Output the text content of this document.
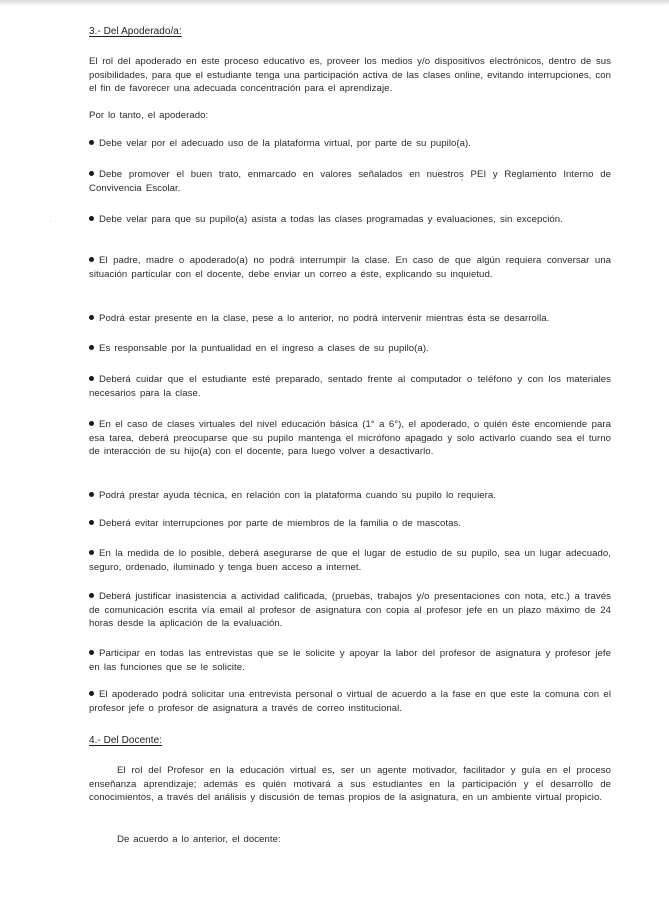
3.- Del Apoderado/a:
El rol del apoderado en este proceso educativo es, proveer los medios y/o dispositivos electrónicos, dentro de sus posibilidades, para que el estudiante tenga una participación activa de las clases online, evitando interrupciones, con el fin de favorecer una adecuada concentración para el aprendizaje.
Por lo tanto, el apoderado:
Debe velar por el adecuado uso de la plataforma virtual, por parte de su pupilo(a).
Debe promover el buen trato, enmarcado en valores señalados en nuestros PEI y Reglamento Interno de Convivencia Escolar.
Debe velar para que su pupilo(a) asista a todas las clases programadas y evaluaciones, sin excepción.
El padre, madre o apoderado(a) no podrá interrumpir la clase. En caso de que algún requiera conversar una situación particular con el docente, debe enviar un correo a éste, explicando su inquietud.
Podrá estar presente en la clase, pese a lo anterior, no podrá intervenir mientras ésta se desarrolla.
Es responsable por la puntualidad en el ingreso a clases de su pupilo(a).
Deberá cuidar que el estudiante esté preparado, sentado frente al computador o teléfono y con los materiales necesarios para la clase.
En el caso de clases virtuales del nivel educación básica (1° a 6°), el apoderado, o quién éste encomiende para esa tarea, deberá preocuparse que su pupilo mantenga el micrófono apagado y solo activarlo cuando sea el turno de interacción de su hijo(a) con el docente, para luego volver a desactivarlo.
Podrá prestar ayuda técnica, en relación con la plataforma cuando su pupilo lo requiera.
Deberá evitar interrupciones por parte de miembros de la familia o de mascotas.
En la medida de lo posible, deberá asegurarse de que el lugar de estudio de su pupilo, sea un lugar adecuado, seguro, ordenado, iluminado y tenga buen acceso a internet.
Deberá justificar inasistencia a actividad calificada, (pruebas, trabajos y/o presentaciones con nota, etc.) a través de comunicación escrita vía email al profesor de asignatura con copia al profesor jefe en un plazo máximo de 24 horas desde la aplicación de la evaluación.
Participar en todas las entrevistas que se le solicite y apoyar la labor del profesor de asignatura y profesor jefe en las funciones que se le solicite.
El apoderado podrá solicitar una entrevista personal o virtual de acuerdo a la fase en que este la comuna con el profesor jefe o profesor de asignatura a través de correo institucional.
4.- Del Docente:
El rol del Profesor en la educación virtual es, ser un agente motivador, facilitador y guía en el proceso enseñanza aprendizaje; además es quién motivará a sus estudiantes en la participación y el desarrollo de conocimientos, a través del análisis y discusión de temas propios de la asignatura, en un ambiente virtual propicio.
De acuerdo a lo anterior, el docente:
